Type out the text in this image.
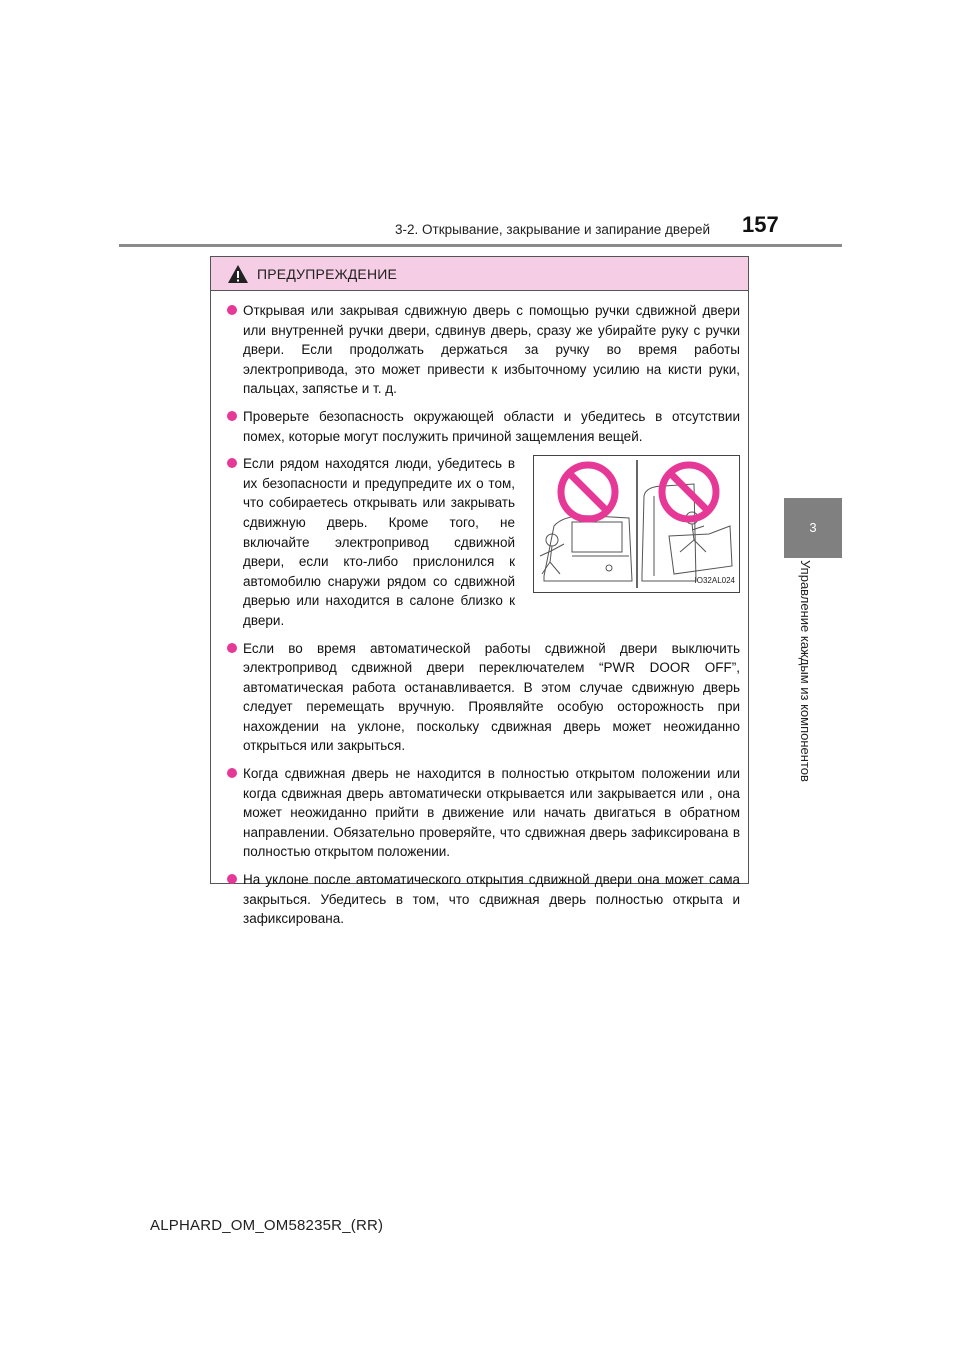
3-2. Открывание, закрывание и запирание дверей 157
3
Управление каждым из компонентов
ПРЕДУПРЕЖДЕНИЕ
Открывая или закрывая сдвижную дверь с помощью ручки сдвижной двери или внутренней ручки двери, сдвинув дверь, сразу же убирайте руку с ручки двери. Если продолжать держаться за ручку во время работы электропривода, это может привести к избыточному усилию на кисти руки, пальцах, запястье и т. д.
Проверьте безопасность окружающей области и убедитесь в отсутствии помех, которые могут послужить причиной защемления вещей.
Если рядом находятся люди, убедитесь в их безопасности и предупредите их о том, что собираетесь открывать или закрывать сдвижную дверь. Кроме того, не включайте электропривод сдвижной двери, если кто-либо прислонился к автомобилю снаружи рядом со сдвижной дверью или находится в салоне близко к двери.
IO32AL024
Если во время автоматической работы сдвижной двери выключить электропривод сдвижной двери переключателем “PWR DOOR OFF”, автоматическая работа останавливается. В этом случае сдвижную дверь следует перемещать вручную. Проявляйте особую осторожность при нахождении на уклоне, поскольку сдвижная дверь может неожиданно открыться или закрыться.
Когда сдвижная дверь не находится в полностью открытом положении или когда сдвижная дверь автоматически открывается или закрывается или , она может неожиданно прийти в движение или начать двигаться в обратном направлении. Обязательно проверяйте, что сдвижная дверь зафиксирована в полностью открытом положении.
На уклоне после автоматического открытия сдвижной двери она может сама закрыться. Убедитесь в том, что сдвижная дверь полностью открыта и зафиксирована.
ALPHARD_OM_OM58235R_(RR)
